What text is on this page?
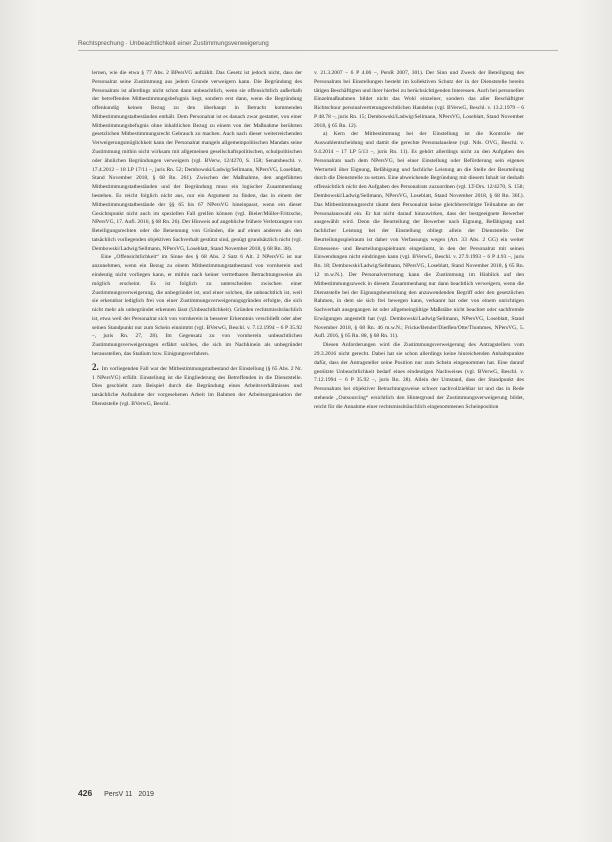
Rechtsprechung · Unbeachtlichkeit einer Zustimmungsverweigerung

lernen, wie die etwa § 77 Abs. 2 BPersVG aufzählt. Das Gesetz ist jedoch nicht, dass der Personalrat seine Zustimmung aus jedem Grunde verweigern kann. Die Begründung des Personalrats ist allerdings nicht schon dann unbeachtlich, wenn sie offensichtlich außerhalb der betreffenden Mitbestimmungsbefugnis liegt, sondern erst dann, wenn die Begründung offenkundig keinen Bezug zu den überhaupt in Betracht kommenden Mitbestimmungstatbeständen enthält. Dem Personalrat ist es danach zwar gestattet, von einer Mitbestimmungsbefugnis ohne inhaltlichen Bezug zu einem von der Maßnahme berührten gesetzlichen Mitbestimmungsrecht Gebrauch zu machen. Auch nach dieser weiterreichenden Verweigerungsmöglichkeit kann der Personalrat mangels allgemeinpolitischen Mandats seine Zustimmung mithin nicht wirksam mit allgemeinen gesellschaftspolitischen, schulpolitischen oder ähnlichen Begründungen verweigern (vgl. BVerw, 12/4270, S. 158; Senatsbeschl. v. 17.4.2012 – 18 LP 17/11 –, juris Rn. 52; Dembowski/Ladwig/Sellmann, NPersVG, Loseblatt, Stand November 2018, § 68 Rn. 261). Zwischen der Maßnahme, den angeführten Mitbestimmungstatbeständen und der Begründung muss ein logischer Zusammenhang bestehen. Es reicht folglich nicht aus, nur ein Argument zu finden, das in einem der Mitbestimmungstatbestände der §§ 65 bis 67 NPersVG hineinpasst, wenn ein dieser Gesichtspunkt nicht auch im speziellen Fall greifen können (vgl. Bieler/Müller-Fritzsche, NPersVG, 17. Aufl. 2016, § 68 Rn. 26). Der Hinweis auf angebliche frühere Verletzungen von Beteiligungsrechten oder die Benennung von Gründen, die auf einen anderen als den tatsächlich vorliegenden objektiven Sachverhalt gestützt sind, genügt grundsätzlich nicht (vgl. Dembowski/Ladwig/Sellmann, NPersVG, Loseblatt, Stand November 2018, § 68 Rn. 38).

Eine „Offensichtlichkeit“ im Sinne des § 68 Abs. 2 Satz 6 Alt. 2 NPersVG ist nur anzunehmen, wenn ein Bezug zu einem Mitbestimmungstatbestand von vornherein und eindeutig nicht vorliegen kann, er mithin nach keiner vertretbaren Betrachtungsweise als möglich erscheint. Es ist folglich zu unterscheiden zwischen einer Zustimmungsverweigerung, die unbegründet ist, und einer solchen, die unbeachtlich ist, weil sie erkennbar lediglich frei von einer Zustimmungsverweigerungsgründen erfolgte, die sich nicht mehr als unbegründet erkennen lässt (Unbeachtlichkeit). Gründen rechtsmissbräuchlich ist, etwa weil der Personalrat sich von vornherein in besserer Erkenntnis verschließt oder aber seinen Standpunkt nur zum Schein einnimmt (vgl. BVerwG, Beschl. v. 7.12.1994 – 6 P 35.92 –, juris Rn. 27, 28). Im Gegensatz zu von vornherein unbeachtlichen Zustimmungsverweigerungen erfährt solches, die sich im Nachhinein als unbegründet herausstellen, das Stadium bzw. Einigungsverfahren.

2. Im vorliegenden Fall war der Mitbestimmungstatbestand der Einstellung (§ 65 Abs. 2 Nr. 1 NPersVG) erfüllt. Einstellung ist die Eingliederung des Betreffenden in die Dienststelle. Dies geschieht zum Beispiel durch die Begründung eines Arbeitsverhältnisses und tatsächliche Aufnahme der vorgesehenen Arbeit im Rahmen der Arbeitsorganisation der Dienststelle (vgl. BVerwG, Beschl.

v. 21.3.2007 – 6 P 4.06 –, PersR 2007, 301). Der Sinn und Zweck der Beteiligung des Personalrats bei Einstellungen besteht im kollektiven Schutz der in der Dienststelle bereits tätigen Beschäftigten und ihrer hierbei zu berücksichtigenden Interessen. Auch bei personellen Einzelmaßnahmen bildet nicht das Wohl einzelner, sondern das aller Beschäftigter Richtschnur personalvertretungsrechtlichen Handelns (vgl. BVerwG, Beschl. v. 13.2.1979 – 6 P 48.78 –, juris Rn. 15; Dembowski/Ladwig/Sellmann, NPersVG, Loseblatt, Stand November 2018, § 65 Rn. 12).

a) Kern der Mitbestimmung bei der Einstellung ist die Kontrolle der Auswahlentscheidung und damit die gerechte Personalauslese (vgl. Nds. OVG, Beschl. v. 9.4.2014 – 17 LP 5/13 –, juris Rn. 11). Es gehört allerdings nicht zu den Aufgaben des Personalrats nach dem NPersVG, bei einer Einstellung oder Beförderung sein eigenes Werturteil über Eignung, Befähigung und fachliche Leistung an die Stelle der Beurteilung durch die Dienststelle zu setzen. Eine abweichende Begründung mit diesem Inhalt ist deshalb offensichtlich nicht den Aufgaben des Personalrats zuzuordnen (vgl. LT-Drs. 12/4270, S. 158; Dembowski/Ladwig/Sellmann, NPersVG, Loseblatt, Stand November 2018, § 68 Rn. 36f.). Das Mitbestimmungsrecht räumt dem Personalrat keine gleichberechtigte Teilnahme an der Personalauswahl ein. Er hat nicht darauf hinzuwirken, dass der bestgeeignete Bewerber ausgewählt wird. Denn die Beurteilung der Bewerber nach Eignung, Befähigung und fachlicher Leistung bei der Einstellung obliegt allein der Dienststelle. Der Beurteilungsspielraum ist daher von Verfassungs wegen (Art. 33 Abs. 2 GG) ein weiter Ermessens- und Beurteilungsspielraum eingeräumt, in den der Personalrat mit seinen Einwendungen nicht eindringen kann (vgl. BVerwG, Beschl. v. 27.9.1993 – 6 P 4.93 –, juris Rn. 18; Dembowski/Ladwig/Sellmann, NPersVG, Loseblatt, Stand November 2018, § 65 Rn. 12 m.w.N.). Der Personalvertretung kann die Zustimmung im Hinblick auf den Mitbestimmungszweck in diesem Zusammenhang nur dann beachtlich verweigern, wenn die Dienststelle bei der Eignungsbeurteilung den anzuwendenden Begriff oder den gesetzlichen Rahmen, in dem sie sich frei bewegen kann, verkannt hat oder von einem unrichtigen Sachverhalt ausgegangen ist oder allgemeingültige Maßstäbe nicht beachtet oder sachfremde Erwägungen angestellt hat (vgl. Dembowski/Ladwig/Sellmann, NPersVG, Loseblatt, Stand November 2018, § 68 Rn. 46 m.w.N.; Fricke/Bender/Dierßen/Otte/Thommes, NPersVG, 5. Aufl. 2016, § 65 Rn. 88, § 68 Rn. 11).

Diesen Anforderungen wird die Zustimmungsverweigerung des Antragstellers vom 29.3.2016 nicht gerecht. Dabei hat sie schon allerdings keine hinreichenden Anhaltspunkte dafür, dass der Antragsteller seine Position nur zum Schein eingenommen hat. Eine darauf gestützte Unbeachtlichkeit bedarf eines eindeutigen Nachweises (vgl. BVerwG, Beschl. v. 7.12.1994 – 6 P 35.92 –, juris Rn. 28). Allein der Umstand, dass der Standpunkt des Personalrats bei objektiver Betrachtungsweise schwer nachvollziehbar ist und das in Rede stehende „Outsourcing“ ersichtlich den Hintergrund der Zustimmungsverweigerung bildet, reicht für die Annahme einer rechtsmissbräuchlich eingenommenen Scheinposition

426 PersV 11 2019
